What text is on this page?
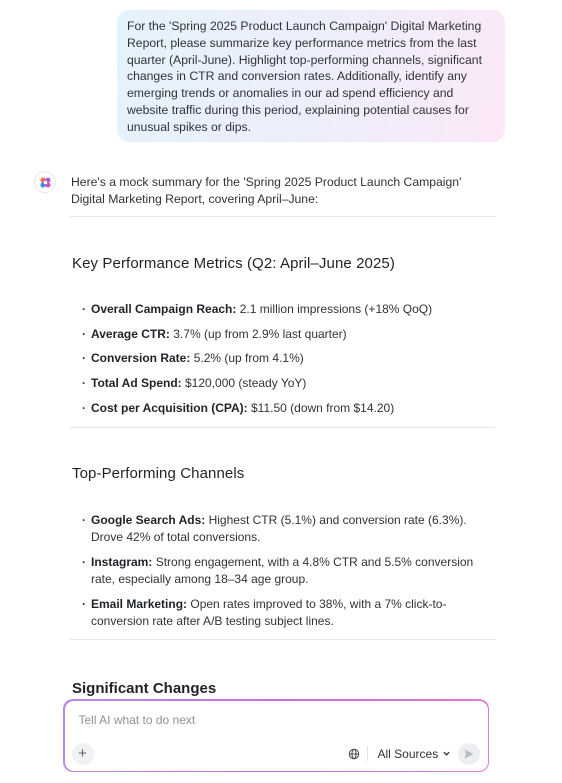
For the 'Spring 2025 Product Launch Campaign' Digital Marketing Report, please summarize key performance metrics from the last quarter (April-June). Highlight top-performing channels, significant changes in CTR and conversion rates. Additionally, identify any emerging trends or anomalies in our ad spend efficiency and website traffic during this period, explaining potential causes for unusual spikes or dips.

Here's a mock summary for the 'Spring 2025 Product Launch Campaign' Digital Marketing Report, covering April–June:

Key Performance Metrics (Q2: April–June 2025)
· Overall Campaign Reach: 2.1 million impressions (+18% QoQ)
· Average CTR: 3.7% (up from 2.9% last quarter)
· Conversion Rate: 5.2% (up from 4.1%)
· Total Ad Spend: $120,000 (steady YoY)
· Cost per Acquisition (CPA): $11.50 (down from $14.20)
Top-Performing Channels
· Google Search Ads: Highest CTR (5.1%) and conversion rate (6.3%). Drove 42% of total conversions.
· Instagram: Strong engagement, with a 4.8% CTR and 5.5% conversion rate, especially among 18–34 age group.
· Email Marketing: Open rates improved to 38%, with a 7% click-to-conversion rate after A/B testing subject lines.
Significant Changes
Tell AI what to do next
+	All Sources
